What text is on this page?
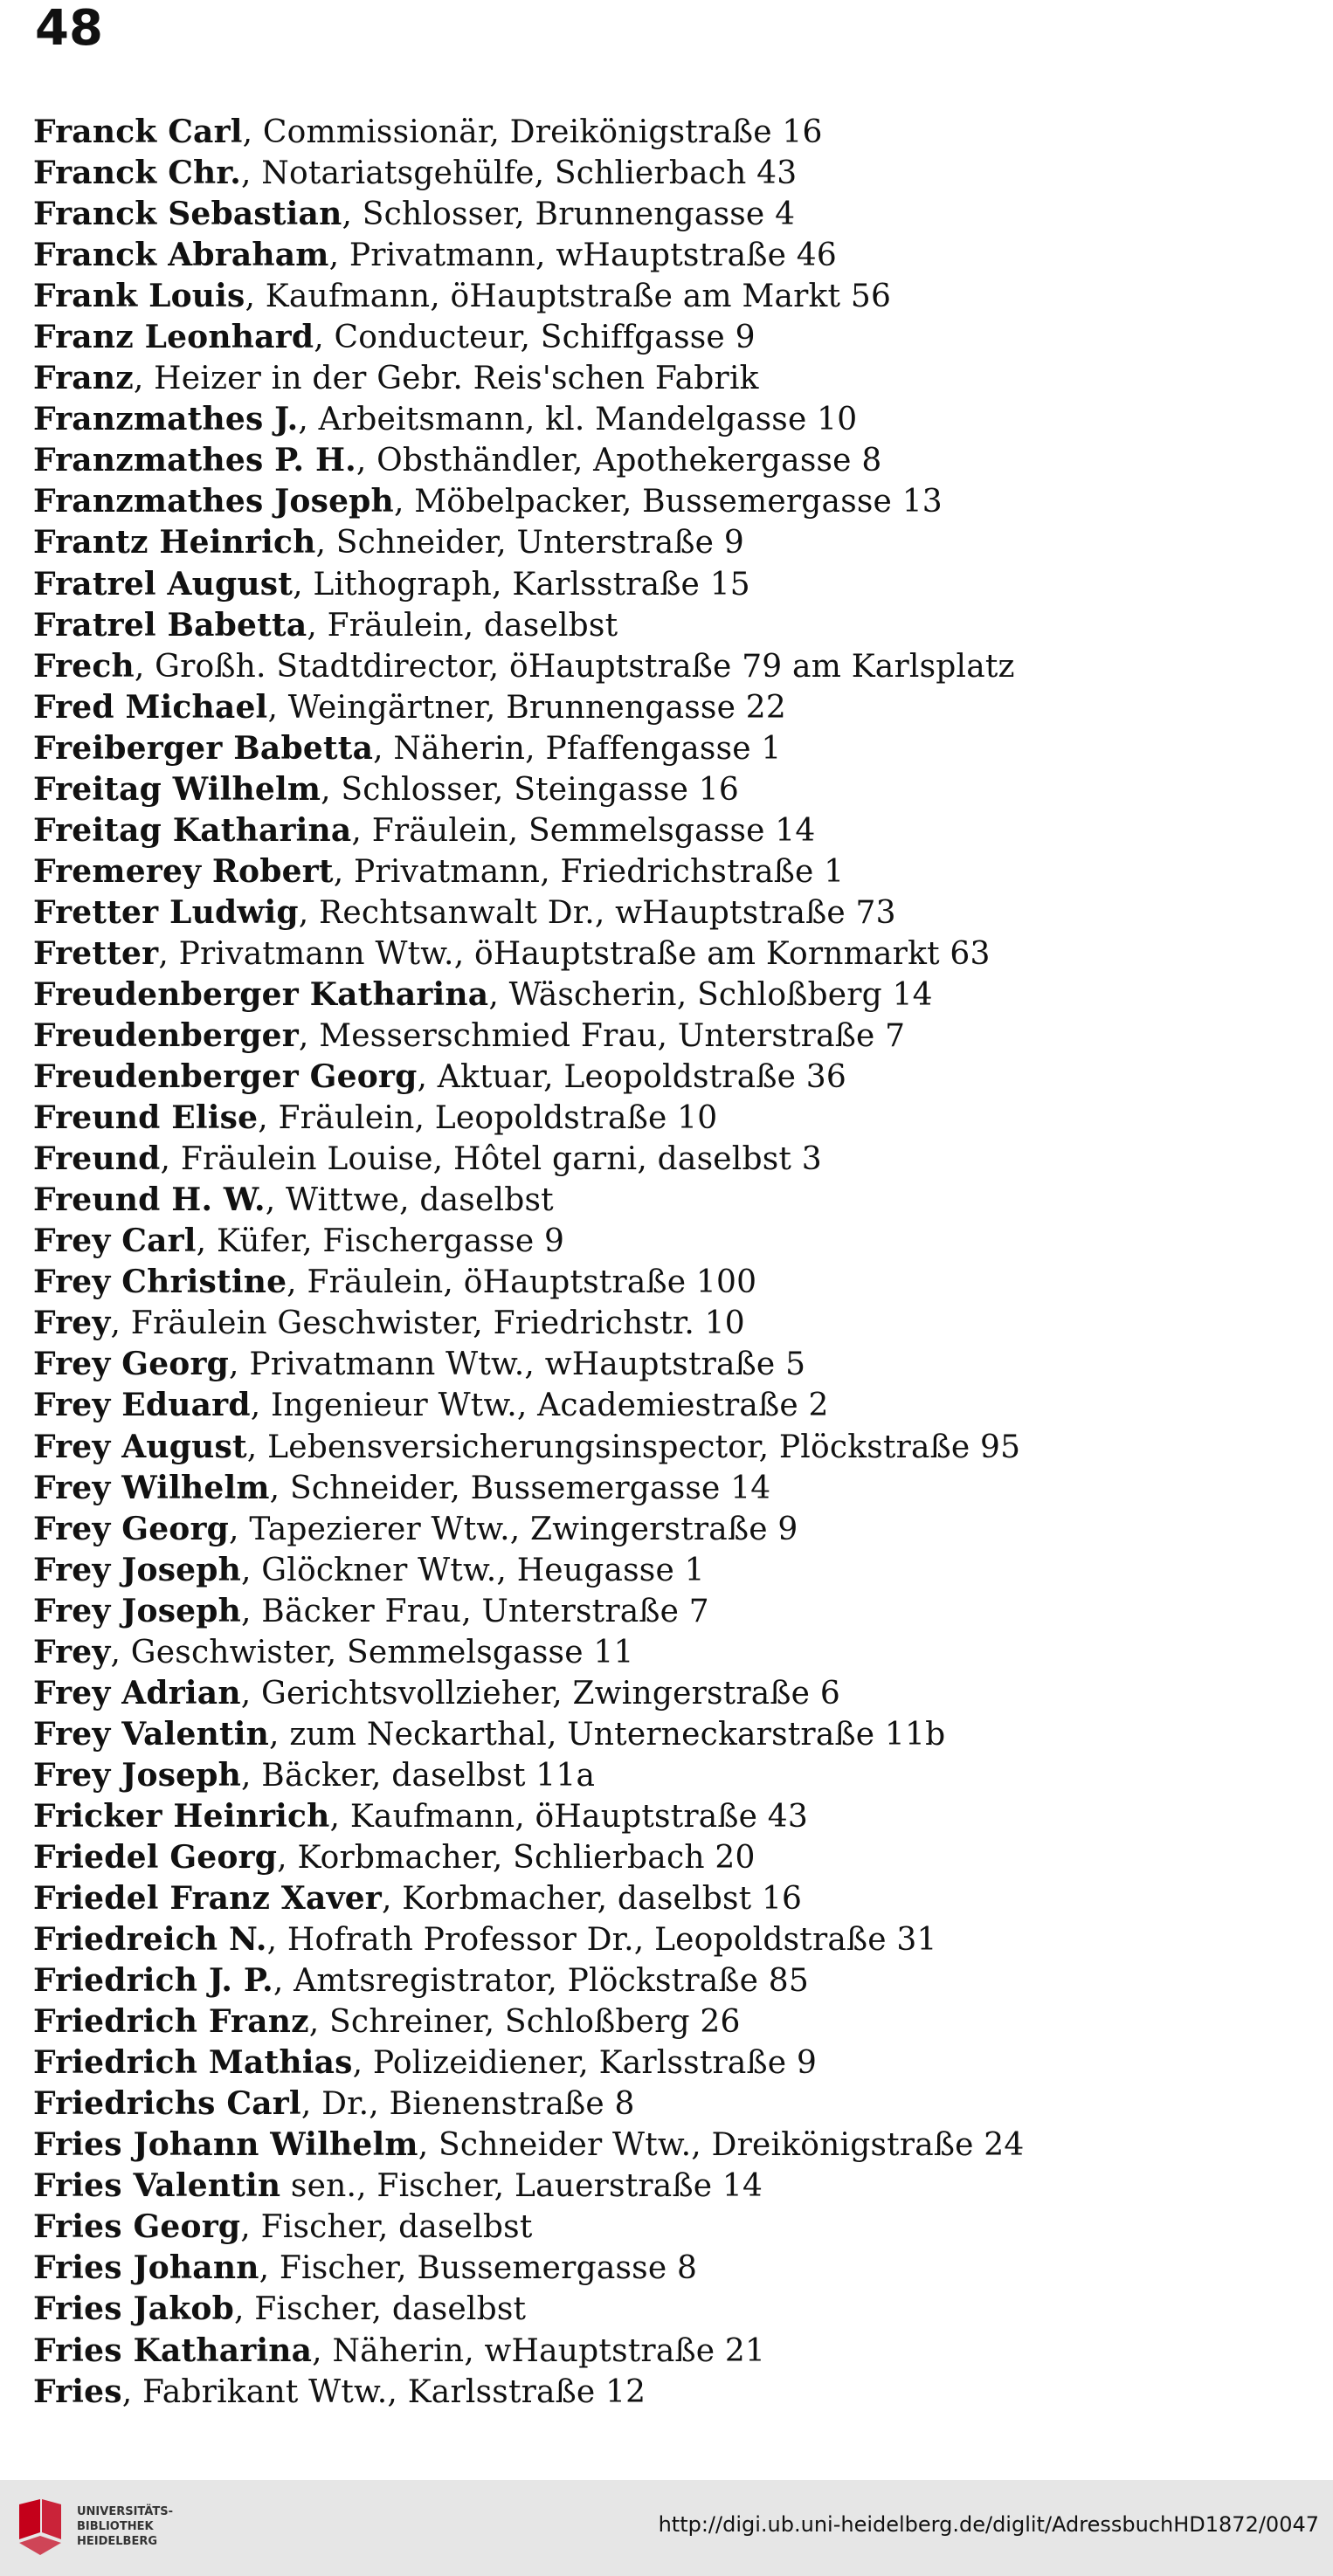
48
Franck Carl, Commissionär, Dreikönigstraße 16
Franck Chr., Notariatsgehülfe, Schlierbach 43
Franck Sebastian, Schlosser, Brunnengasse 4
Franck Abraham, Privatmann, wHauptstraße 46
Frank Louis, Kaufmann, öHauptstraße am Markt 56
Franz Leonhard, Conducteur, Schiffgasse 9
Franz, Heizer in der Gebr. Reis'schen Fabrik
Franzmathes J., Arbeitsmann, kl. Mandelgasse 10
Franzmathes P. H., Obsthändler, Apothekergasse 8
Franzmathes Joseph, Möbelpacker, Bussemergasse 13
Frantz Heinrich, Schneider, Unterstraße 9
Fratrel August, Lithograph, Karlsstraße 15
Fratrel Babetta, Fräulein, daselbst
Frech, Großh. Stadtdirector, öHauptstraße 79 am Karlsplatz
Fred Michael, Weingärtner, Brunnengasse 22
Freiberger Babetta, Näherin, Pfaffengasse 1
Freitag Wilhelm, Schlosser, Steingasse 16
Freitag Katharina, Fräulein, Semmelsgasse 14
Fremerey Robert, Privatmann, Friedrichstraße 1
Fretter Ludwig, Rechtsanwalt Dr., wHauptstraße 73
Fretter, Privatmann Wtw., öHauptstraße am Kornmarkt 63
Freudenberger Katharina, Wäscherin, Schloßberg 14
Freudenberger, Messerschmied Frau, Unterstraße 7
Freudenberger Georg, Aktuar, Leopoldstraße 36
Freund Elise, Fräulein, Leopoldstraße 10
Freund, Fräulein Louise, Hôtel garni, daselbst 3
Freund H. W., Wittwe, daselbst
Frey Carl, Küfer, Fischergasse 9
Frey Christine, Fräulein, öHauptstraße 100
Frey, Fräulein Geschwister, Friedrichstr. 10
Frey Georg, Privatmann Wtw., wHauptstraße 5
Frey Eduard, Ingenieur Wtw., Academiestraße 2
Frey August, Lebensversicherungsinspector, Plöckstraße 95
Frey Wilhelm, Schneider, Bussemergasse 14
Frey Georg, Tapezierer Wtw., Zwingerstraße 9
Frey Joseph, Glöckner Wtw., Heugasse 1
Frey Joseph, Bäcker Frau, Unterstraße 7
Frey, Geschwister, Semmelsgasse 11
Frey Adrian, Gerichtsvollzieher, Zwingerstraße 6
Frey Valentin, zum Neckarthal, Unterneckarstraße 11b
Frey Joseph, Bäcker, daselbst 11a
Fricker Heinrich, Kaufmann, öHauptstraße 43
Friedel Georg, Korbmacher, Schlierbach 20
Friedel Franz Xaver, Korbmacher, daselbst 16
Friedreich N., Hofrath Professor Dr., Leopoldstraße 31
Friedrich J. P., Amtsregistrator, Plöckstraße 85
Friedrich Franz, Schreiner, Schloßberg 26
Friedrich Mathias, Polizeidiener, Karlsstraße 9
Friedrichs Carl, Dr., Bienenstraße 8
Fries Johann Wilhelm, Schneider Wtw., Dreikönigstraße 24
Fries Valentin sen., Fischer, Lauerstraße 14
Fries Georg, Fischer, daselbst
Fries Johann, Fischer, Bussemergasse 8
Fries Jakob, Fischer, daselbst
Fries Katharina, Näherin, wHauptstraße 21
Fries, Fabrikant Wtw., Karlsstraße 12
UNIVERSITÄTS-
BIBLIOTHEK
HEIDELBERG
http://digi.ub.uni-heidelberg.de/diglit/AdressbuchHD1872/0047
